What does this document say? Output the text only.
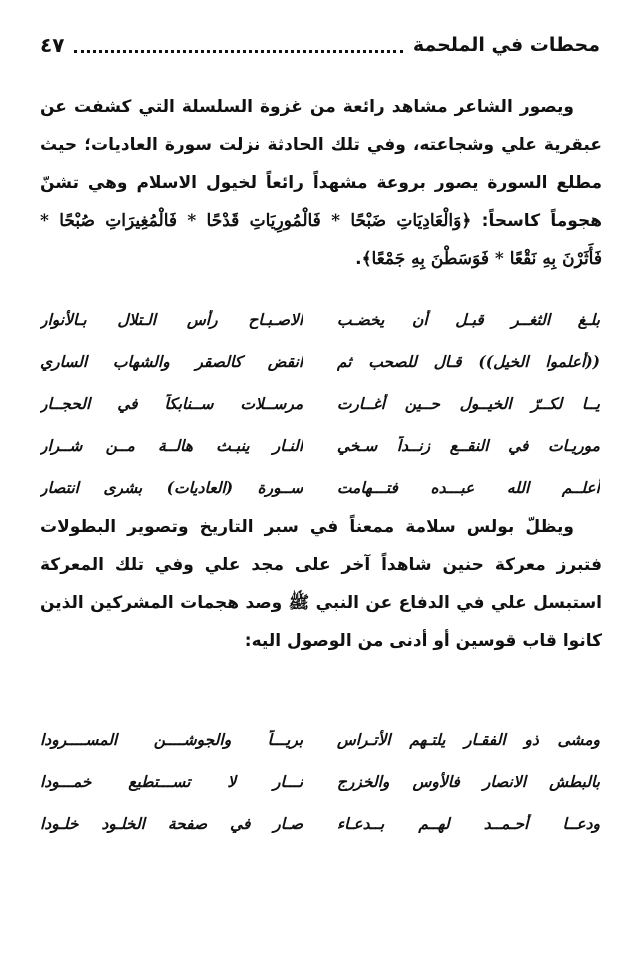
محطات في الملحمة
٤٧

ويصور الشاعر مشاهد رائعة من غزوة السلسلة التي كشفت عن عبقرية علي وشجاعته، وفي تلك الحادثة نزلت سورة العاديات؛ حيث مطلع السورة يصور بروعة مشهداً رائعاً لخيول الاسلام وهي تشنّ هجوماً كاسحاً: ﴿وَالْعَادِيَاتِ ضَبْحًا * فَالْمُورِيَاتِ قَدْحًا * فَالْمُغِيرَاتِ صُبْحًا * فَأَثَرْنَ بِهِ نَقْعًا * فَوَسَطْنَ بِهِ جَمْعًا﴾.

بلـغ الثغــر قبـل أن يخضـب
الاصـبـاح رأس الـتلال بـالأنوار
((أعلموا الخيل)) قـال للصحب ثم
انقض كالصقر والشهاب الساري
يــا لكــرّ الخيــول حــين أغــارت
مرســلات ســنابكاً في الحجــار
موريـات في النقــع زنــداً سـخي
النـار ينبـث هالــة مــن شــرار
أعلــم الله عبـــده فتـــهامت
ســورة (العاديات) بشرى انتصار

ويظلّ بولس سلامة ممعناً في سبر التاريخ وتصوير البطولات فتبرز معركة حنين شاهداً آخر على مجد علي وفي تلك المعركة استبسل علي في الدفاع عن النبي ﷺ وصد هجمات المشركين الذين كانوا قاب قوسين أو أدنى من الوصول اليه:

ومشى ذو الفقـار يلتـهم الأتـراس
بريـــاً والجوشــــن المســــرودا
بالبطش الانصار فالأوس والخزرج
نـــار لا تســـتطيع خمـــودا
ودعــا أحـمــد لهــم بــدعـاء
صـار في صفحة الخلـود خلـودا
